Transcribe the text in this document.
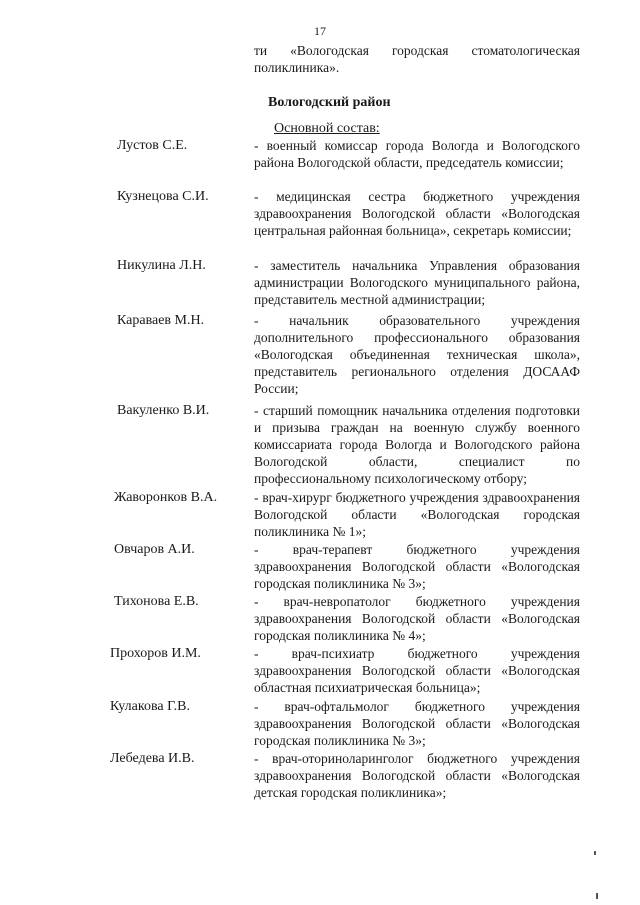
17
ти «Вологодская городская стоматологическая поликлиника».
Вологодский район
Основной состав:
Лустов С.Е.	- военный комиссар города Вологда и Вологодского района Вологодской области, председатель комиссии;
Кузнецова С.И.	- медицинская сестра бюджетного учреждения здравоохранения Вологодской области «Вологодская центральная районная больница», секретарь комиссии;
Никулина Л.Н.	- заместитель начальника Управления образования администрации Вологодского муниципального района, представитель местной администрации;
Караваев М.Н.	- начальник образовательного учреждения дополнительного профессионального образования «Вологодская объединенная техническая школа», представитель регионального отделения ДОСААФ России;
Вакуленко В.И.	- старший помощник начальника отделения подготовки и призыва граждан на военную службу военного комиссариата города Вологда и Вологодского района Вологодской области, специалист по профессиональному психологическому отбору;
Жаворонков В.А.	- врач-хирург бюджетного учреждения здравоохранения Вологодской области «Вологодская городская поликлиника № 1»;
Овчаров А.И.	- врач-терапевт бюджетного учреждения здравоохранения Вологодской области «Вологодская городская поликлиника № 3»;
Тихонова Е.В.	- врач-невропатолог бюджетного учреждения здравоохранения Вологодской области «Вологодская городская поликлиника № 4»;
Прохоров И.М.	- врач-психиатр бюджетного учреждения здравоохранения Вологодской области «Вологодская областная психиатрическая больница»;
Кулакова Г.В.	- врач-офтальмолог бюджетного учреждения здравоохранения Вологодской области «Вологодская городская поликлиника № 3»;
Лебедева И.В.	- врач-оториноларинголог бюджетного учреждения здравоохранения Вологодской области «Вологодская детская городская поликлиника»;
